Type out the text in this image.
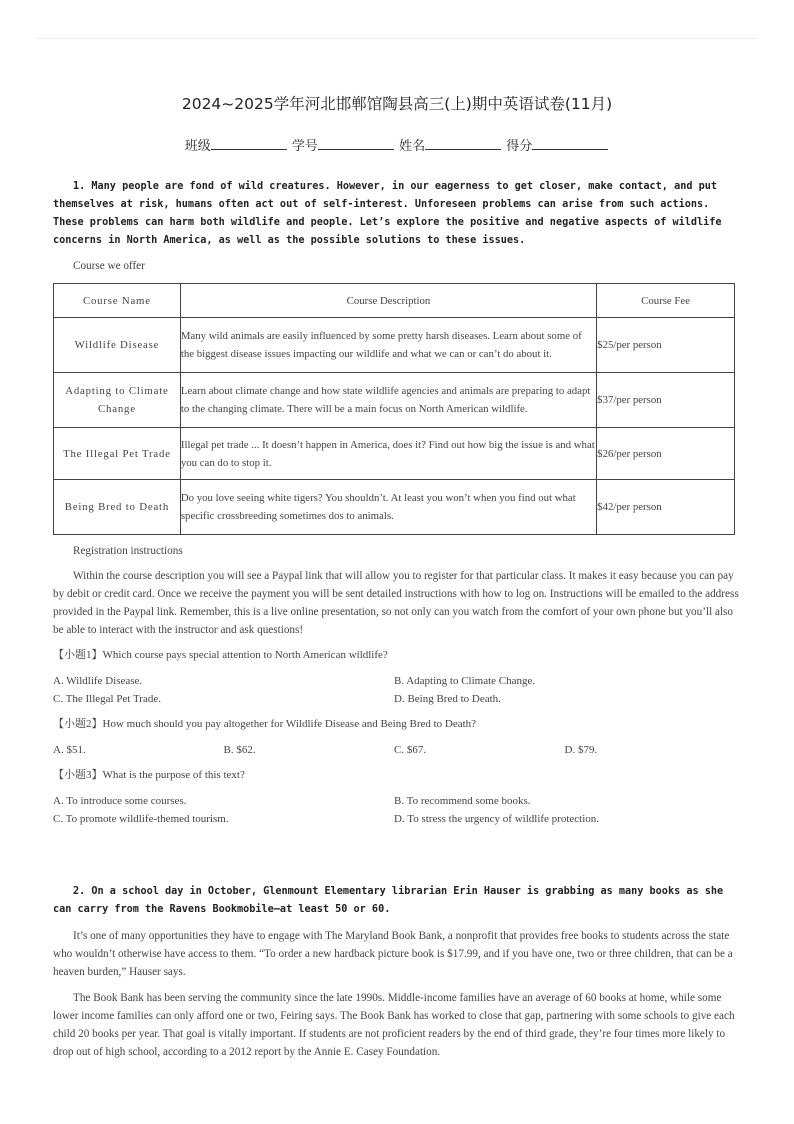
2024~2025学年河北邯郸馆陶县高三(上)期中英语试卷(11月)
班级	学号	姓名	得分

1. Many people are fond of wild creatures. However, in our eagerness to get closer, make contact, and put themselves at risk, humans often act out of self-interest. Unforeseen problems can arise from such actions. These problems can harm both wildlife and people. Let’s explore the positive and negative aspects of wildlife concerns in North America, as well as the possible solutions to these issues.

Course we offer

Course Name	Course Description	Course Fee
Wildlife Disease	Many wild animals are easily influenced by some pretty harsh diseases. Learn about some of the biggest disease issues impacting our wildlife and what we can or can’t do about it.	$25/per person
Adapting to Climate Change	Learn about climate change and how state wildlife agencies and animals are preparing to adapt to the changing climate. There will be a main focus on North American wildlife.	$37/per person
The Illegal Pet Trade	Illegal pet trade ... It doesn’t happen in America, does it? Find out how big the issue is and what you can do to stop it.	$26/per person
Being Bred to Death	Do you love seeing white tigers? You shouldn’t. At least you won’t when you find out what specific crossbreeding sometimes dos to animals.	$42/per person

Registration instructions

Within the course description you will see a Paypal link that will allow you to register for that particular class. It makes it easy because you can pay by debit or credit card. Once we receive the payment you will be sent detailed instructions with how to log on. Instructions will be emailed to the address provided in the Paypal link. Remember, this is a live online presentation, so not only can you watch from the comfort of your own phone but you’ll also be able to interact with the instructor and ask questions!

【小题1】Which course pays special attention to North American wildlife?

A. Wildlife Disease.	B. Adapting to Climate Change.
C. The Illegal Pet Trade.	D. Being Bred to Death.

【小题2】How much should you pay altogether for Wildlife Disease and Being Bred to Death?

A. $51.	B. $62.	C. $67.	D. $79.

【小题3】What is the purpose of this text?

A. To introduce some courses.	B. To recommend some books.
C. To promote wildlife-themed tourism.	D. To stress the urgency of wildlife protection.

2. On a school day in October, Glenmount Elementary librarian Erin Hauser is grabbing as many books as she can carry from the Ravens Bookmobile—at least 50 or 60.

It’s one of many opportunities they have to engage with The Maryland Book Bank, a nonprofit that provides free books to students across the state who wouldn’t otherwise have access to them. “To order a new hardback picture book is $17.99, and if you have one, two or three children, that can be a heaven burden,” Hauser says.

The Book Bank has been serving the community since the late 1990s. Middle-income families have an average of 60 books at home, while some lower income families can only afford one or two, Feiring says. The Book Bank has worked to close that gap, partnering with some schools to give each child 20 books per year. That goal is vitally important. If students are not proficient readers by the end of third grade, they’re four times more likely to drop out of high school, according to a 2012 report by the Annie E. Casey Foundation.
